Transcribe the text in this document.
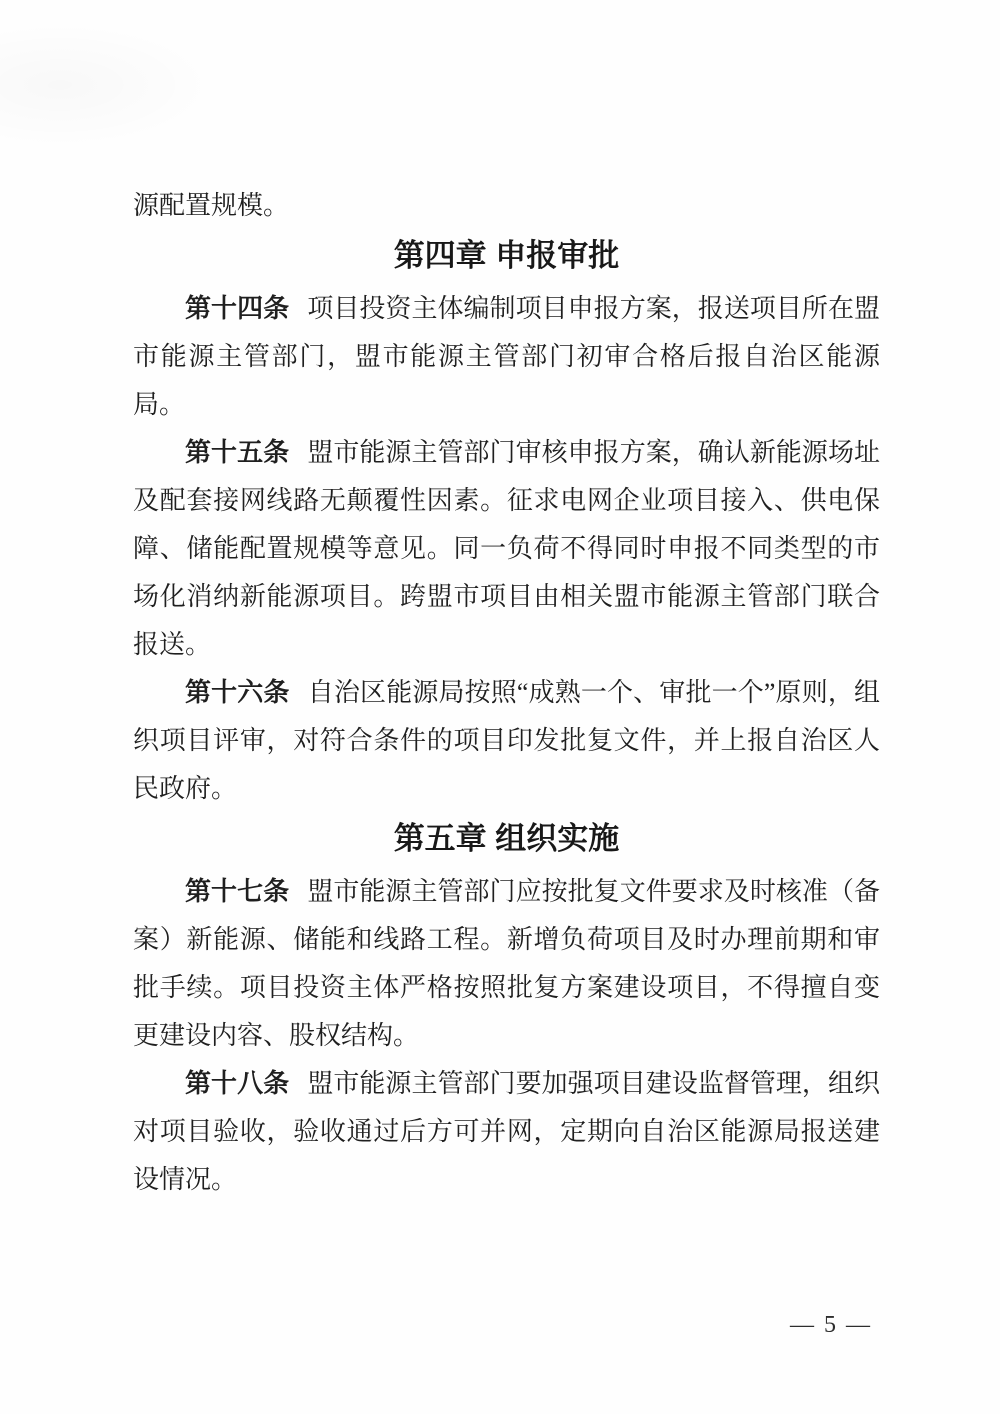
源配置规模。

第四章 申报审批

第十四条 项目投资主体编制项目申报方案，报送项目所在盟市能源主管部门，盟市能源主管部门初审合格后报自治区能源局。

第十五条 盟市能源主管部门审核申报方案，确认新能源场址及配套接网线路无颠覆性因素。征求电网企业项目接入、供电保障、储能配置规模等意见。同一负荷不得同时申报不同类型的市场化消纳新能源项目。跨盟市项目由相关盟市能源主管部门联合报送。

第十六条 自治区能源局按照“成熟一个、审批一个”原则，组织项目评审，对符合条件的项目印发批复文件，并上报自治区人民政府。

第五章 组织实施

第十七条 盟市能源主管部门应按批复文件要求及时核准（备案）新能源、储能和线路工程。新增负荷项目及时办理前期和审批手续。项目投资主体严格按照批复方案建设项目，不得擅自变更建设内容、股权结构。

第十八条 盟市能源主管部门要加强项目建设监督管理，组织对项目验收，验收通过后方可并网，定期向自治区能源局报送建设情况。

— 5 —
